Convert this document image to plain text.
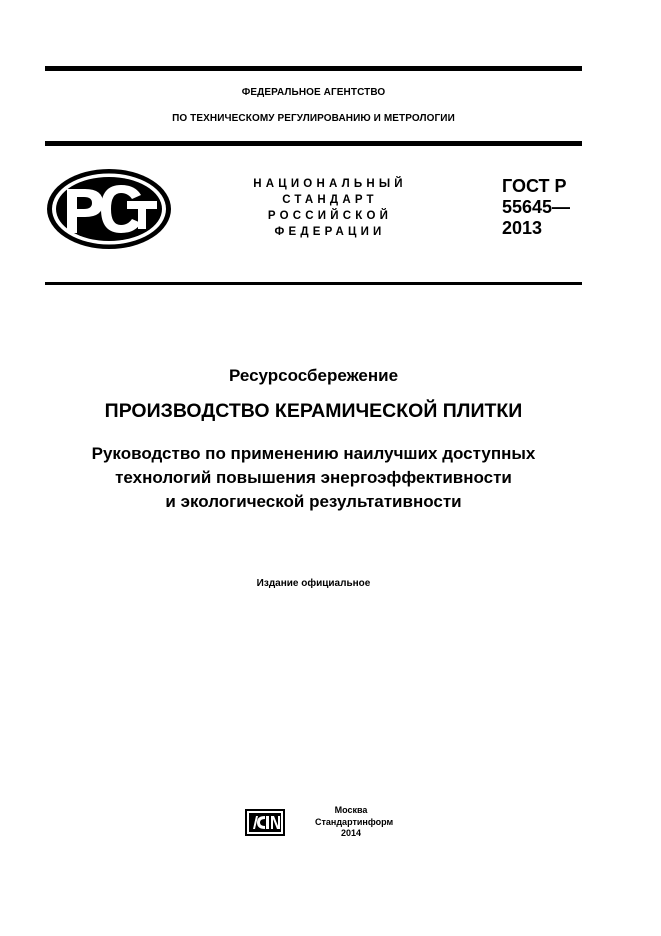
ФЕДЕРАЛЬНОЕ АГЕНТСТВО
ПО ТЕХНИЧЕСКОМУ РЕГУЛИРОВАНИЮ И МЕТРОЛОГИИ
НАЦИОНАЛЬНЫЙ
СТАНДАРТ
РОССИЙСКОЙ
ФЕДЕРАЦИИ
ГОСТ Р
55645—
2013
Ресурсосбережение
ПРОИЗВОДСТВО КЕРАМИЧЕСКОЙ ПЛИТКИ
Руководство по применению наилучших доступных
технологий повышения энергоэффективности
и экологической результативности
Издание официальное
Москва
Стандартинформ
2014
